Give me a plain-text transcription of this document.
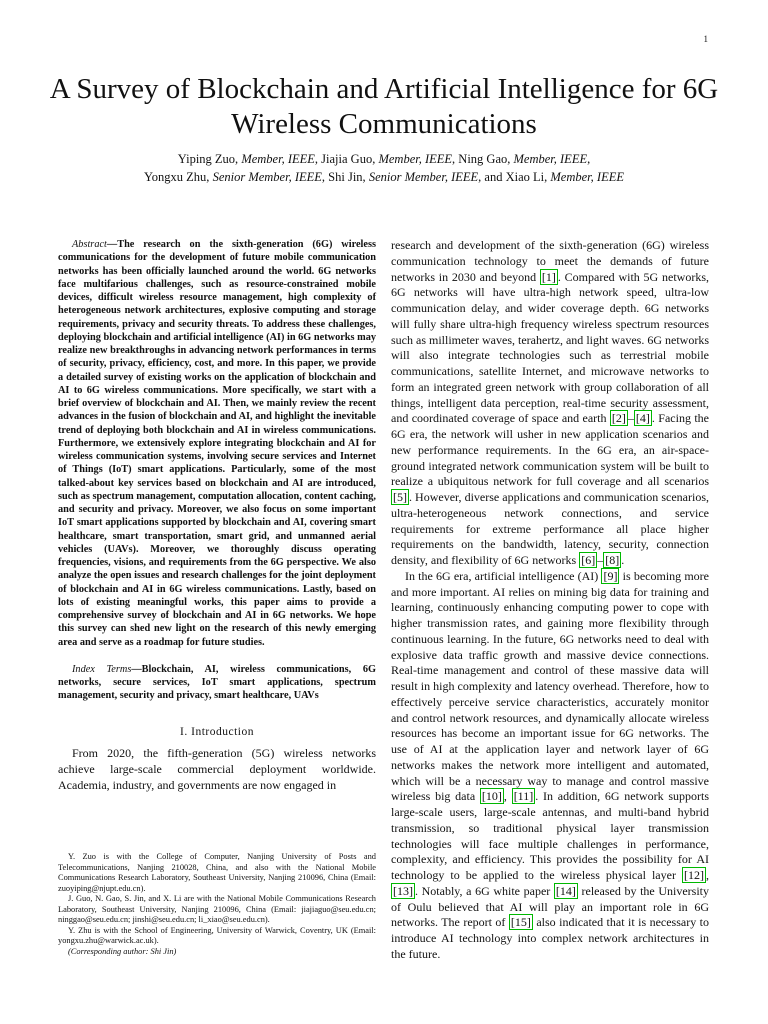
1
A Survey of Blockchain and Artificial Intelligence for 6G Wireless Communications
Yiping Zuo, Member, IEEE, Jiajia Guo, Member, IEEE, Ning Gao, Member, IEEE,
Yongxu Zhu, Senior Member, IEEE, Shi Jin, Senior Member, IEEE, and Xiao Li, Member, IEEE

Abstract—The research on the sixth-generation (6G) wireless communications for the development of future mobile communication networks has been officially launched around the world. 6G networks face multifarious challenges, such as resource-constrained mobile devices, difficult wireless resource management, high complexity of heterogeneous network architectures, explosive computing and storage requirements, privacy and security threats. To address these challenges, deploying blockchain and artificial intelligence (AI) in 6G networks may realize new breakthroughs in advancing network performances in terms of security, privacy, efficiency, cost, and more. In this paper, we provide a detailed survey of existing works on the application of blockchain and AI to 6G wireless communications. More specifically, we start with a brief overview of blockchain and AI. Then, we mainly review the recent advances in the fusion of blockchain and AI, and highlight the inevitable trend of deploying both blockchain and AI in wireless communications. Furthermore, we extensively explore integrating blockchain and AI for wireless communication systems, involving secure services and Internet of Things (IoT) smart applications. Particularly, some of the most talked-about key services based on blockchain and AI are introduced, such as spectrum management, computation allocation, content caching, and security and privacy. Moreover, we also focus on some important IoT smart applications supported by blockchain and AI, covering smart healthcare, smart transportation, smart grid, and unmanned aerial vehicles (UAVs). Moreover, we thoroughly discuss operating frequencies, visions, and requirements from the 6G perspective. We also analyze the open issues and research challenges for the joint deployment of blockchain and AI in 6G wireless communications. Lastly, based on lots of existing meaningful works, this paper aims to provide a comprehensive survey of blockchain and AI in 6G networks. We hope this survey can shed new light on the research of this newly emerging area and serve as a roadmap for future studies.

Index Terms—Blockchain, AI, wireless communications, 6G networks, secure services, IoT smart applications, spectrum management, security and privacy, smart healthcare, UAVs

I. Introduction

From 2020, the fifth-generation (5G) wireless networks achieve large-scale commercial deployment worldwide. Academia, industry, and governments are now engaged in

research and development of the sixth-generation (6G) wireless communication technology to meet the demands of future networks in 2030 and beyond [1] . Compared with 5G networks, 6G networks will have ultra-high network speed, ultra-low communication delay, and wider coverage depth. 6G networks will fully share ultra-high frequency wireless spectrum resources such as millimeter waves, terahertz, and light waves. 6G networks will also integrate technologies such as terrestrial mobile communications, satellite Internet, and microwave networks to form an integrated green network with group collaboration of all things, intelligent data perception, real-time security assessment, and coordinated coverage of space and earth [2] – [4] . Facing the 6G era, the network will usher in new application scenarios and new performance requirements. In the 6G era, an air-space-ground integrated network communication system will be built to realize a ubiquitous network for full coverage and all scenarios [5] . However, diverse applications and communication scenarios, ultra-heterogeneous network connections, and service requirements for extreme performance all place higher requirements on the bandwidth, latency, security, connection density, and flexibility of 6G networks [6] – [8] .

In the 6G era, artificial intelligence (AI) [9] is becoming more and more important. AI relies on mining big data for training and learning, continuously enhancing computing power to cope with higher transmission rates, and gaining more flexibility through continuous learning. In the future, 6G networks need to deal with explosive data traffic growth and massive device connections. Real-time management and control of these massive data will result in high complexity and latency overhead. Therefore, how to effectively perceive service characteristics, accurately monitor and control network resources, and dynamically allocate wireless resources has become an important issue for 6G networks. The use of AI at the application layer and network layer of 6G networks makes the network more intelligent and automated, which will be a necessary way to manage and control massive wireless big data [10] , [11] . In addition, 6G network supports large-scale users, large-scale antennas, and multi-band hybrid transmission, so traditional physical layer transmission technologies will face multiple challenges in performance, complexity, and efficiency. This provides the possibility for AI technology to be applied to the wireless physical layer [12] , [13] . Notably, a 6G white paper [14] released by the University of Oulu believed that AI will play an important role in 6G networks. The report of [15] also indicated that it is necessary to introduce AI technology into complex network architectures in the future.

Y. Zuo is with the College of Computer, Nanjing University of Posts and Telecommunications, Nanjing 210028, China, and also with the National Mobile Communications Research Laboratory, Southeast University, Nanjing 210096, China (Email: zuoyiping@njupt.edu.cn).

J. Guo, N. Gao, S. Jin, and X. Li are with the National Mobile Communications Research Laboratory, Southeast University, Nanjing 210096, China (Email: jiajiaguo@seu.edu.cn; ninggao@seu.edu.cn; jinshi@seu.edu.cn; li_xiao@seu.edu.cn).

Y. Zhu is with the School of Engineering, University of Warwick, Coventry, UK (Email: yongxu.zhu@warwick.ac.uk).

(Corresponding author: Shi Jin)
